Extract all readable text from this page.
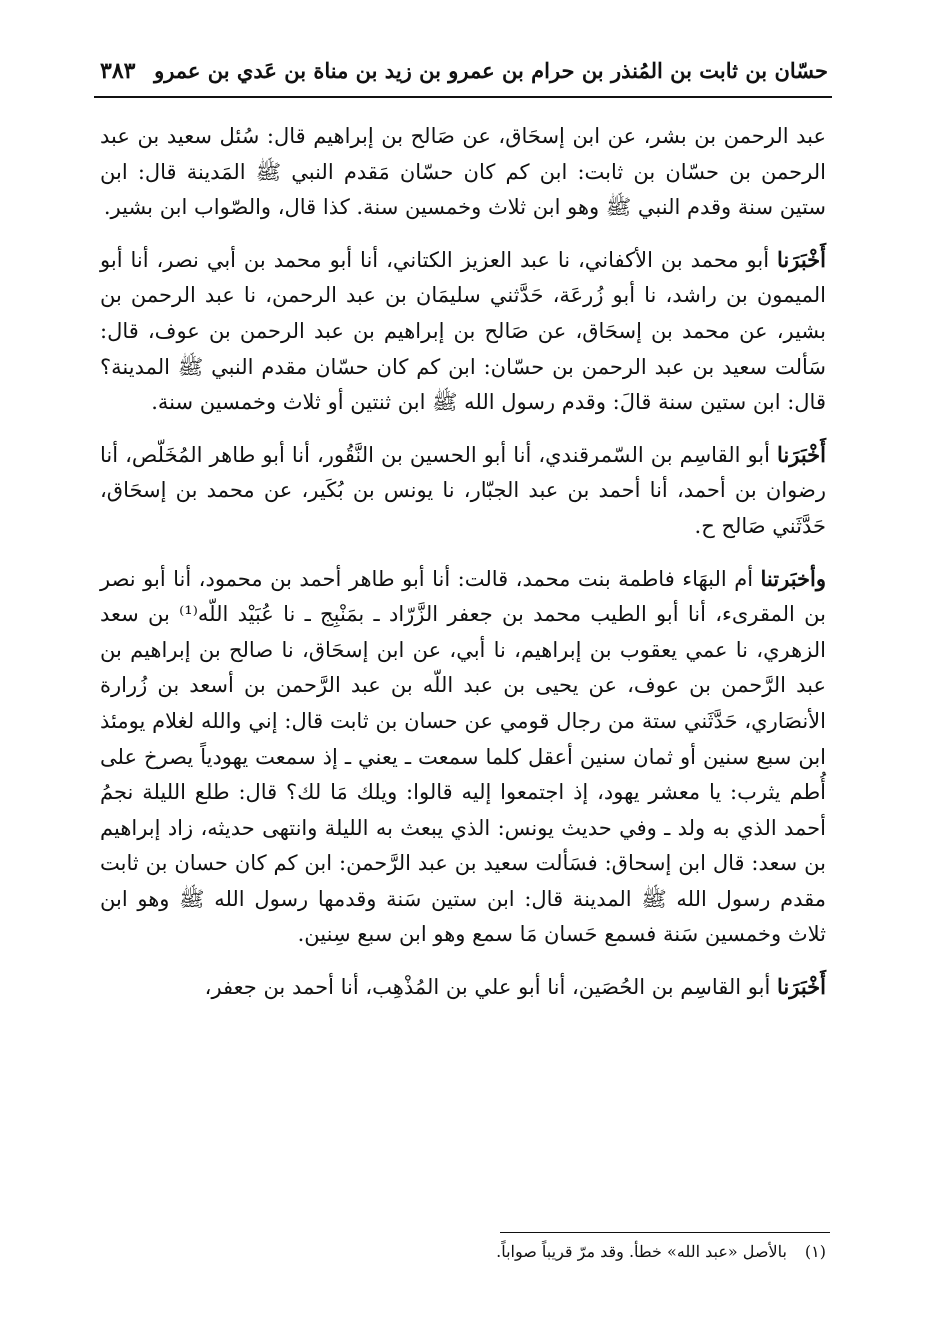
حسّان بن ثابت بن المُنذر بن حرام بن عمرو بن زيد بن مناة بن عَدي بن عمرو
٣٨٣

عبد الرحمن بن بشر، عن ابن إسحَاق، عن صَالح بن إبراهيم قال: سُئل سعيد بن عبد الرحمن بن حسّان بن ثابت: ابن كم كان حسّان مَقدم النبي ﷺ المَدينة قال: ابن ستين سنة وقدم النبي ﷺ وهو ابن ثلاث وخمسين سنة. كذا قال، والصّواب ابن بشير.

أَخْبَرَنا أبو محمد بن الأكفاني، نا عبد العزيز الكتاني، أنا أبو محمد بن أبي نصر، أنا أبو الميمون بن راشد، نا أبو زُرعَة، حَدَّثني سليمَان بن عبد الرحمن، نا عبد الرحمن بن بشير، عن محمد بن إسحَاق، عن صَالح بن إبراهيم بن عبد الرحمن بن عوف، قال: سَألت سعيد بن عبد الرحمن بن حسّان: ابن كم كان حسّان مقدم النبي ﷺ المدينة؟ قال: ابن ستين سنة قالَ: وقدم رسول الله ﷺ ابن ثنتين أو ثلاث وخمسين سنة.

أَخْبَرَنا أبو القاسِم بن السّمرقندي، أنا أبو الحسين بن النَّقُور، أنا أبو طاهر المُخَلّص، أنا رضوان بن أحمد، أنا أحمد بن عبد الجبّار، نا يونس بن بُكَير، عن محمد بن إسحَاق، حَدَّثَني صَالح ح.

وأخبَرتنا أم البهَاء فاطمة بنت محمد، قالت: أنا أبو طاهر أحمد بن محمود، أنا أبو نصر بن المقرىء، أنا أبو الطيب محمد بن جعفر الزَّرّاد ـ بمَنْبِج ـ نا عُبَيْد اللّه⁽¹⁾ بن سعد الزهري، نا عمي يعقوب بن إبراهيم، نا أبي، عن ابن إسحَاق، نا صالح بن إبراهيم بن عبد الرَّحمن بن عوف، عن يحيى بن عبد اللّه بن عبد الرَّحمن بن أسعد بن زُرارة الأنصَاري، حَدَّثَني ستة من رجال قومي عن حسان بن ثابت قال: إني والله لغلام يومئذ ابن سبع سنين أو ثمان سنين أعقل كلما سمعت ـ يعني ـ إذ سمعت يهودياً يصرخ على أُطم يثرب: يا معشر يهود، إذ اجتمعوا إليه قالوا: ويلك مَا لك؟ قال: طلع الليلة نجمُ أحمد الذي به ولد ـ وفي حديث يونس: الذي يبعث به الليلة وانتهى حديثه، زاد إبراهيم بن سعد: قال ابن إسحاق: فسَألت سعيد بن عبد الرَّحمن: ابن كم كان حسان بن ثابت مقدم رسول الله ﷺ المدينة قال: ابن ستين سَنة وقدمها رسول الله ﷺ وهو ابن ثلاث وخمسين سَنة فسمع حَسان مَا سمع وهو ابن سبع سِنين.

أَخْبَرَنا أبو القاسِم بن الحُصَين، أنا أبو علي بن المُذْهِب، أنا أحمد بن جعفر،

(١)بالأصل «عبد الله» خطأ. وقد مرّ قريباً صواباً.
